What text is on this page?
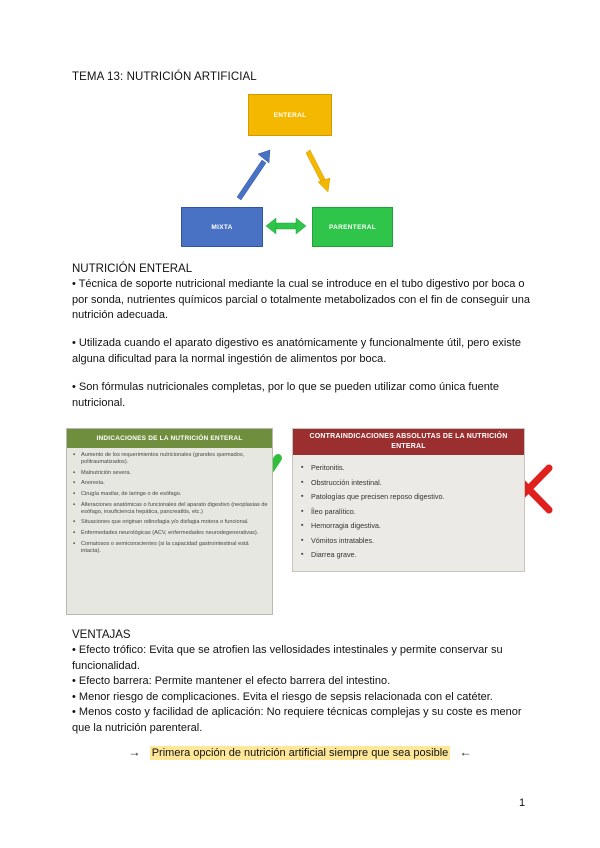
TEMA 13: NUTRICIÓN ARTIFICIAL
ENTERAL
MIXTA	PARENTERAL
NUTRICIÓN ENTERAL
• Técnica de soporte nutricional mediante la cual se introduce en el tubo digestivo por boca o por sonda, nutrientes químicos parcial o totalmente metabolizados con el fin de conseguir una nutrición adecuada.
• Utilizada cuando el aparato digestivo es anatómicamente y funcionalmente útil, pero existe alguna dificultad para la normal ingestión de alimentos por boca.
• Son fórmulas nutricionales completas, por lo que se pueden utilizar como única fuente nutricional.
INDICACIONES DE LA NUTRICIÓN ENTERAL
▪ Aumento de los requerimientos nutricionales (grandes quemados, politraumatizados).
▪ Malnutrición severa.
▪ Anorexia.
▪ Cirugía maxilar, de laringe o de esófago.
▪ Alteraciones anatómicas o funcionales del aparato digestivo (neoplasias de esófago, insuficiencia hepática, pancreatitis, etc.)
▪ Situaciones que originan odinofagia y/o disfagia motora o funcional.
▪ Enfermedades neurológicas (ACV, enfermedades neurodegenerativas).
▪ Comatosos o semiconscientes (si la capacidad gastrointestinal está intacta).
CONTRAINDICACIONES ABSOLUTAS DE LA NUTRICIÓN ENTERAL
▪ Peritonitis.
▪ Obstrucción intestinal.
▪ Patologías que precisen reposo digestivo.
▪ Íleo paralítico.
▪ Hemorragia digestiva.
▪ Vómitos intratables.
▪ Diarrea grave.
VENTAJAS
• Efecto trófico: Evita que se atrofien las vellosidades intestinales y permite conservar su funcionalidad.
• Efecto barrera: Permite mantener el efecto barrera del intestino.
• Menor riesgo de complicaciones. Evita el riesgo de sepsis relacionada con el catéter.
• Menos costo y facilidad de aplicación: No requiere técnicas complejas y su coste es menor que la nutrición parenteral.
→ Primera opción de nutrición artificial siempre que sea posible ←
1
